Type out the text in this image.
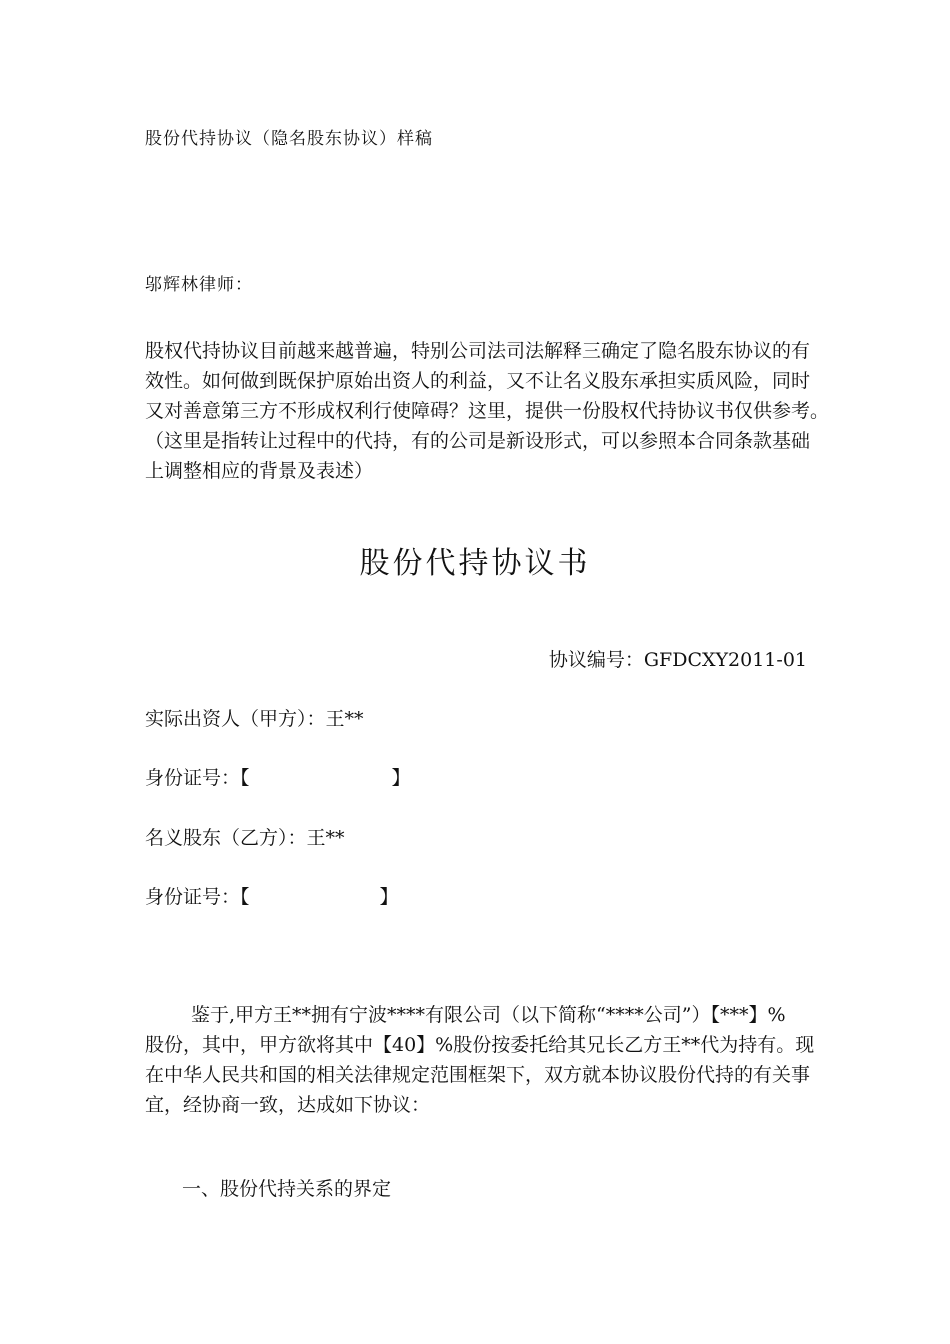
股份代持协议（隐名股东协议）样稿
邬辉林律师：
股权代持协议目前越来越普遍，特别公司法司法解释三确定了隐名股东协议的有
效性。如何做到既保护原始出资人的利益，又不让名义股东承担实质风险，同时
又对善意第三方不形成权利行使障碍？这里，提供一份股权代持协议书仅供参考。
（这里是指转让过程中的代持，有的公司是新设形式，可以参照本合同条款基础
上调整相应的背景及表述）
股份代持协议书
协议编号：GFDCXY2011-01
实际出资人（甲方）：王**
身份证号：【	】
名义股东（乙方）：王**
身份证号：【	】
鉴于,甲方王**拥有宁波****有限公司（以下简称“****公司”）【***】%
股份，其中，甲方欲将其中【40】%股份按委托给其兄长乙方王**代为持有。现
在中华人民共和国的相关法律规定范围框架下，双方就本协议股份代持的有关事
宜，经协商一致，达成如下协议：
一、股份代持关系的界定
